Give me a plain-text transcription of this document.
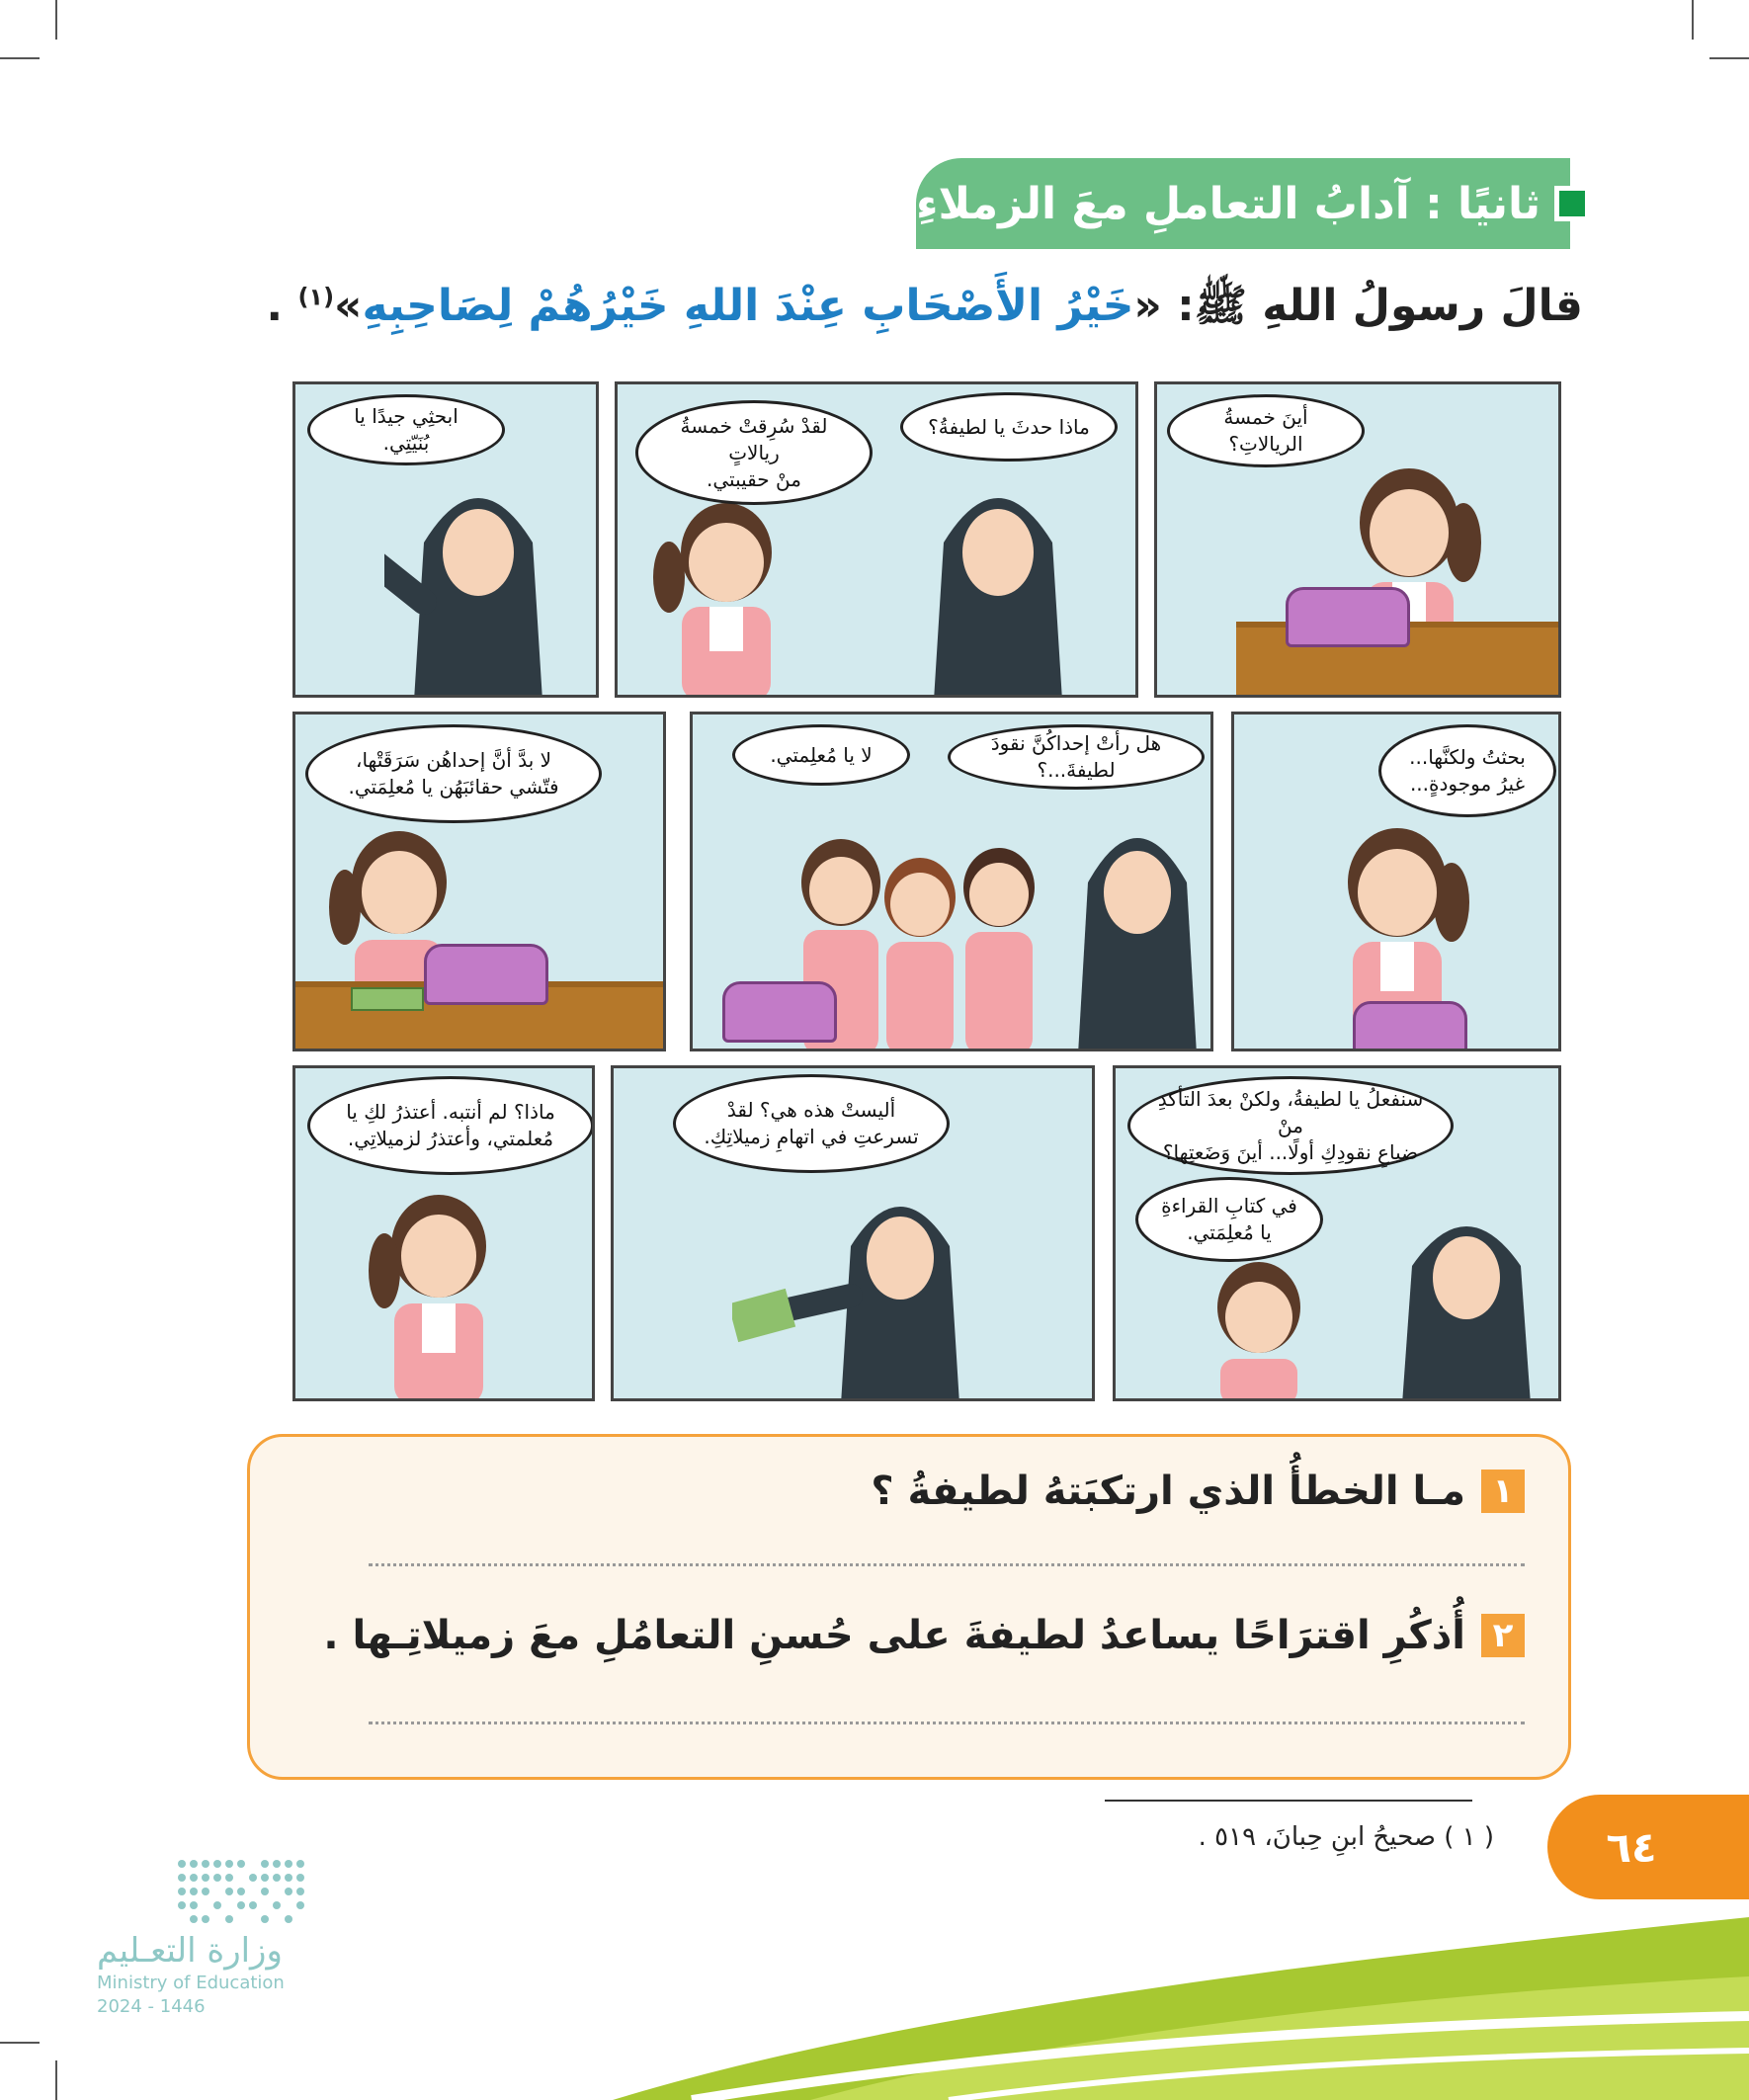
ثانيًا : آدابُ التعاملِ معَ الزملاءِ
قالَ رسولُ اللهِ ﷺ: «خَيْرُ الأَصْحَابِ عِنْدَ اللهِ خَيْرُهُمْ لِصَاحِبِهِ»$^{(١)}$ .
أينَ خمسةُ الريالاتِ؟
ماذا حدثَ يا لطيفةُ؟
لقدْ سُرِقتْ خمسةُ ريالاتٍ
منْ حقيبتي.
ابحثِي جيدًا يا بُنَيّتِي.
بحثتُ ولكنَّها...
غيرُ موجودةٍ...
هل رأتْ إحداكُنَّ نقودَ لطيفةَ...؟
لا يا مُعلِمتي.
لا بدَّ أنَّ إحداهُن سَرَقَتْها،
فتّشي حقائبَهُن يا مُعلِمَتي.
سنفعلُ يا لطيفةُ، ولكنْ بعدَ التأكدِ منْ
ضياعِ نقودِكِ أولًا... أينَ وَضَعتِها؟
في كتابِ القراءةِ
يا مُعلِمَتي.
أليستْ هذه هي؟ لقدْ
تسرعتِ في اتهامِ زميلاتِكِ.
ماذا؟ لم أنتبه. أعتذرُ لكِ يا
مُعلمتي، وأعتذرُ لزميلاتِي.
١
مـا الخطأُ الذي ارتكبَتهُ لطيفةُ ؟
٢
أُذكُرِ اقترَاحًا يساعدُ لطيفةَ على حُسنِ التعامُلِ معَ زميلاتِـها .
( ١ ) صحيحُ ابنِ حِبانَ، ٥١٩ .	٦٤
وزارة التعـليم
Ministry of Education
2024 - 1446
